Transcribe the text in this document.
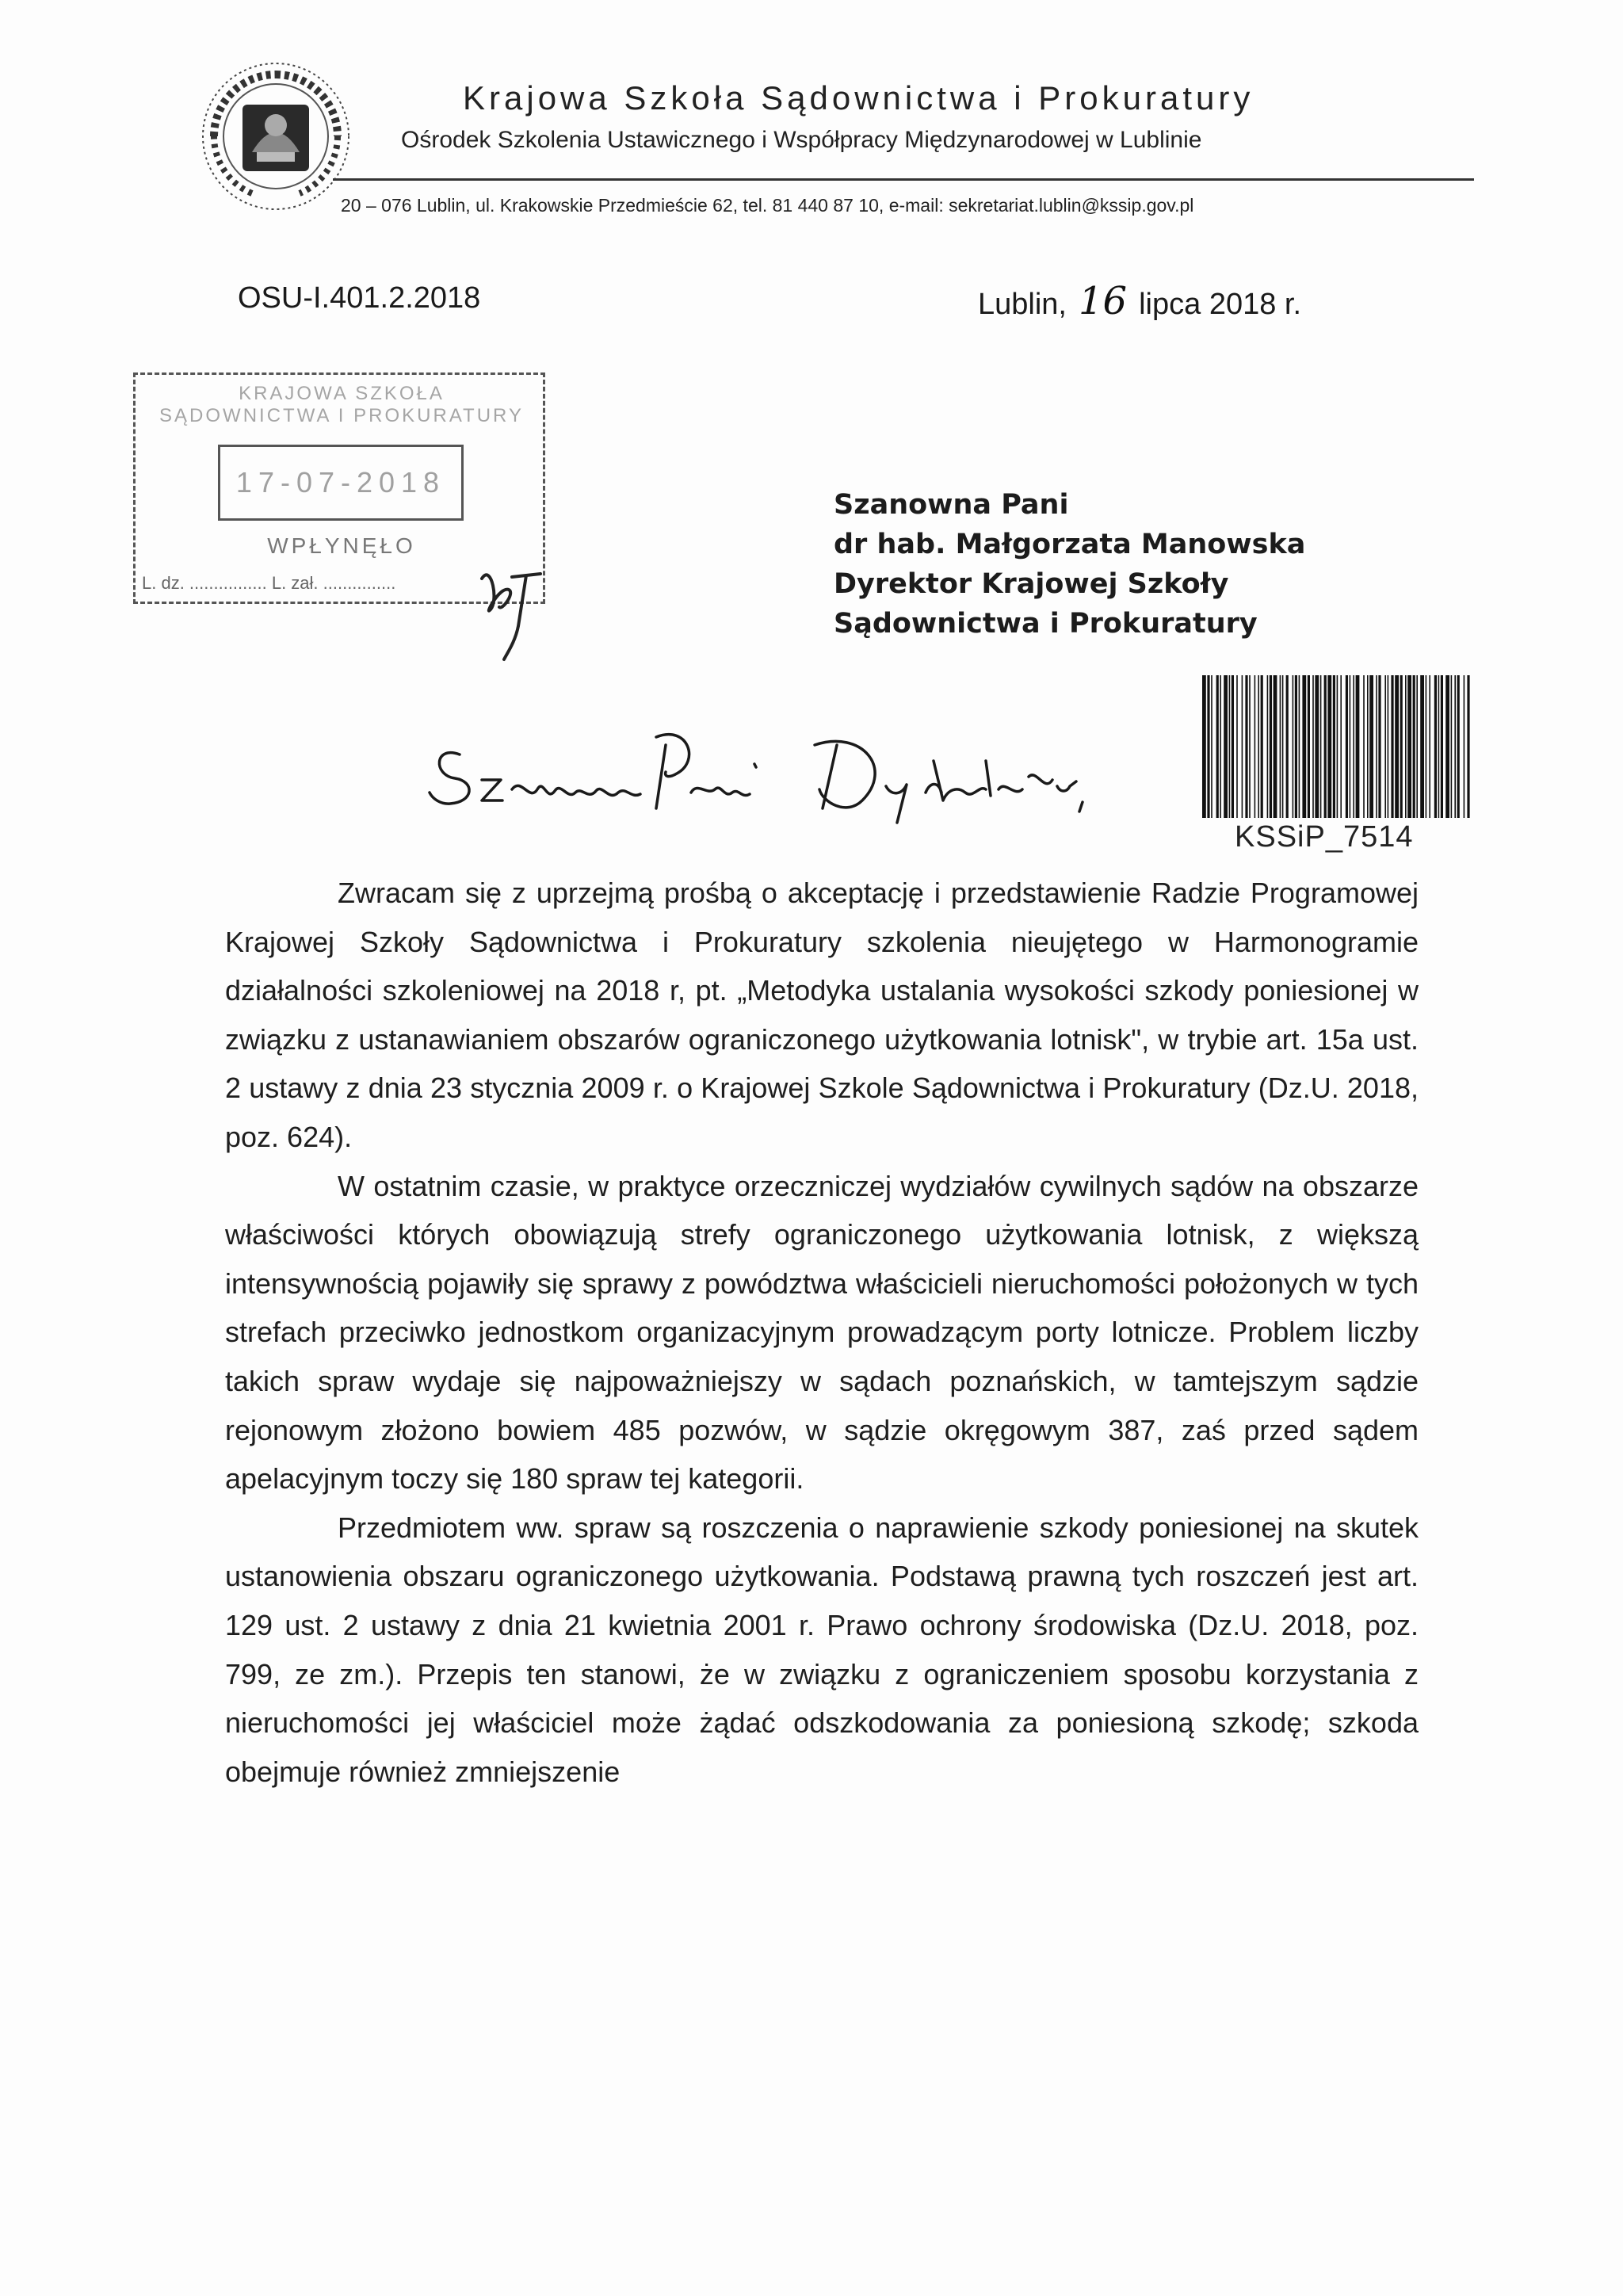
Krajowa Szkoła Sądownictwa i Prokuratury
Ośrodek Szkolenia Ustawicznego i Współpracy Międzynarodowej w Lublinie
20 – 076 Lublin, ul. Krakowskie Przedmieście 62, tel. 81 440 87 10, e-mail: sekretariat.lublin@kssip.gov.pl
OSU-I.401.2.2018	Lublin, 16 lipca 2018 r.
KRAJOWA SZKOŁA SĄDOWNICTWA I PROKURATURY
17-07-2018
WPŁYNĘŁO
L. dz. ................ L. zał. ...............
Szanowna Pani
dr hab. Małgorzata Manowska
Dyrektor Krajowej Szkoły
Sądownictwa i Prokuratury
KSSiP_7514

Zwracam się z uprzejmą prośbą o akceptację i przedstawienie Radzie Programowej Krajowej Szkoły Sądownictwa i Prokuratury szkolenia nieujętego w Harmonogramie działalności szkoleniowej na 2018 r, pt. „Metodyka ustalania wysokości szkody poniesionej w związku z ustanawianiem obszarów ograniczonego użytkowania lotnisk", w trybie art. 15a ust. 2 ustawy z dnia 23 stycznia 2009 r. o Krajowej Szkole Sądownictwa i Prokuratury (Dz.U. 2018, poz. 624).

W ostatnim czasie, w praktyce orzeczniczej wydziałów cywilnych sądów na obszarze właściwości których obowiązują strefy ograniczonego użytkowania lotnisk, z większą intensywnością pojawiły się sprawy z powództwa właścicieli nieruchomości położonych w tych strefach przeciwko jednostkom organizacyjnym prowadzącym porty lotnicze. Problem liczby takich spraw wydaje się najpoważniejszy w sądach poznańskich, w tamtejszym sądzie rejonowym złożono bowiem 485 pozwów, w sądzie okręgowym 387, zaś przed sądem apelacyjnym toczy się 180 spraw tej kategorii.

Przedmiotem ww. spraw są roszczenia o naprawienie szkody poniesionej na skutek ustanowienia obszaru ograniczonego użytkowania. Podstawą prawną tych roszczeń jest art. 129 ust. 2 ustawy z dnia 21 kwietnia 2001 r. Prawo ochrony środowiska (Dz.U. 2018, poz. 799, ze zm.). Przepis ten stanowi, że w związku z ograniczeniem sposobu korzystania z nieruchomości jej właściciel może żądać odszkodowania za poniesioną szkodę; szkoda obejmuje również zmniejszenie
